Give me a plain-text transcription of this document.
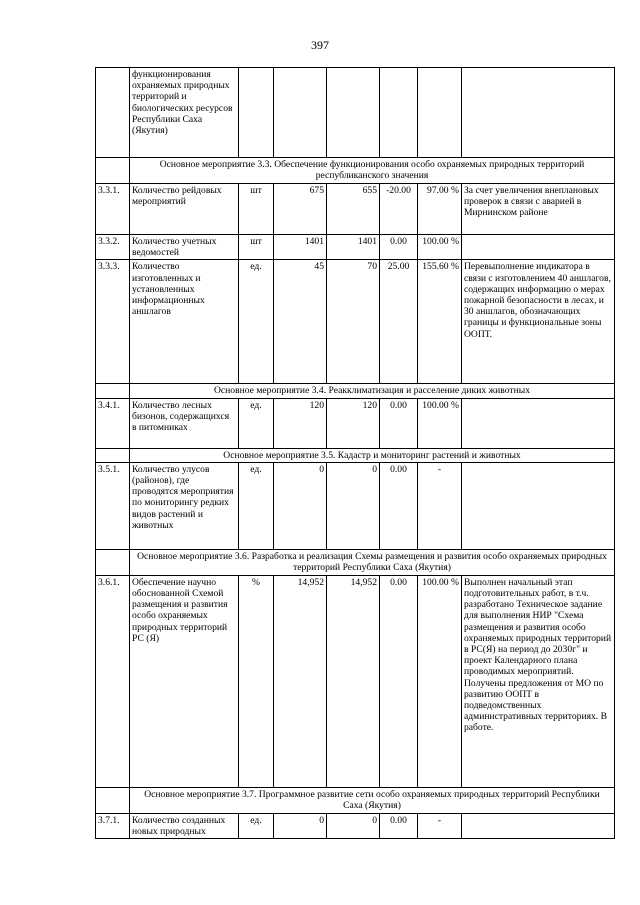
397
	функционирования охраняемых природных территорий и биологических ресурсов Республики Саха (Якутия)						
	Основное мероприятие 3.3. Обеспечение функционирования особо охраняемых природных территорий республиканского значения						
3.3.1.	Количество рейдовых мероприятий	шт	675	655	-20.00	97.00 %	За счет увеличения внеплановых проверок в связи с аварией в Мирнинском районе
3.3.2.	Количество учетных ведомостей	шт	1401	1401	0.00	100.00 %	
3.3.3.	Количество изготовленных и установленных информационных аншлагов	ед.	45	70	25.00	155.60 %	Перевыполнение индикатора в связи с изготовлением 40 аншлагов, содержащих информацию о мерах пожарной безопасности в лесах, и 30 аншлагов, обозначающих границы и функциональные зоны ООПТ.
	Основное мероприятие 3.4. Реакклиматизация и расселение диких животных						
3.4.1.	Количество лесных бизонов, содержащихся в питомниках	ед.	120	120	0.00	100.00 %	
	Основное мероприятие 3.5. Кадастр и мониторинг растений и животных						
3.5.1.	Количество улусов (районов), где проводятся мероприятия по мониторингу редких видов растений и животных	ед.	0	0	0.00	-	
	Основное мероприятие 3.6. Разработка и реализация Схемы размещения и развития особо охраняемых природных территорий Республики Саха (Якутия)						
3.6.1.	Обеспечение научно обоснованной Схемой размещения и развития особо охраняемых природных территорий РС (Я)	%	14,952	14,952	0.00	100.00 %	Выполнен начальный этап подготовительных работ, в т.ч. разработано Техническое задание для выполнения НИР "Схема размещения и развития особо охраняемых природных территорий в РС(Я) на период до 2030г" и проект Календарного плана проводимых мероприятий. Получены предложения от МО по развитию ООПТ в подведомственных административных территориях. В работе.
	Основное мероприятие 3.7. Программное развитие сети особо охраняемых природных территорий Республики Саха (Якутия)						
3.7.1.	Количество созданных новых природных	ед.	0	0	0.00	-	
